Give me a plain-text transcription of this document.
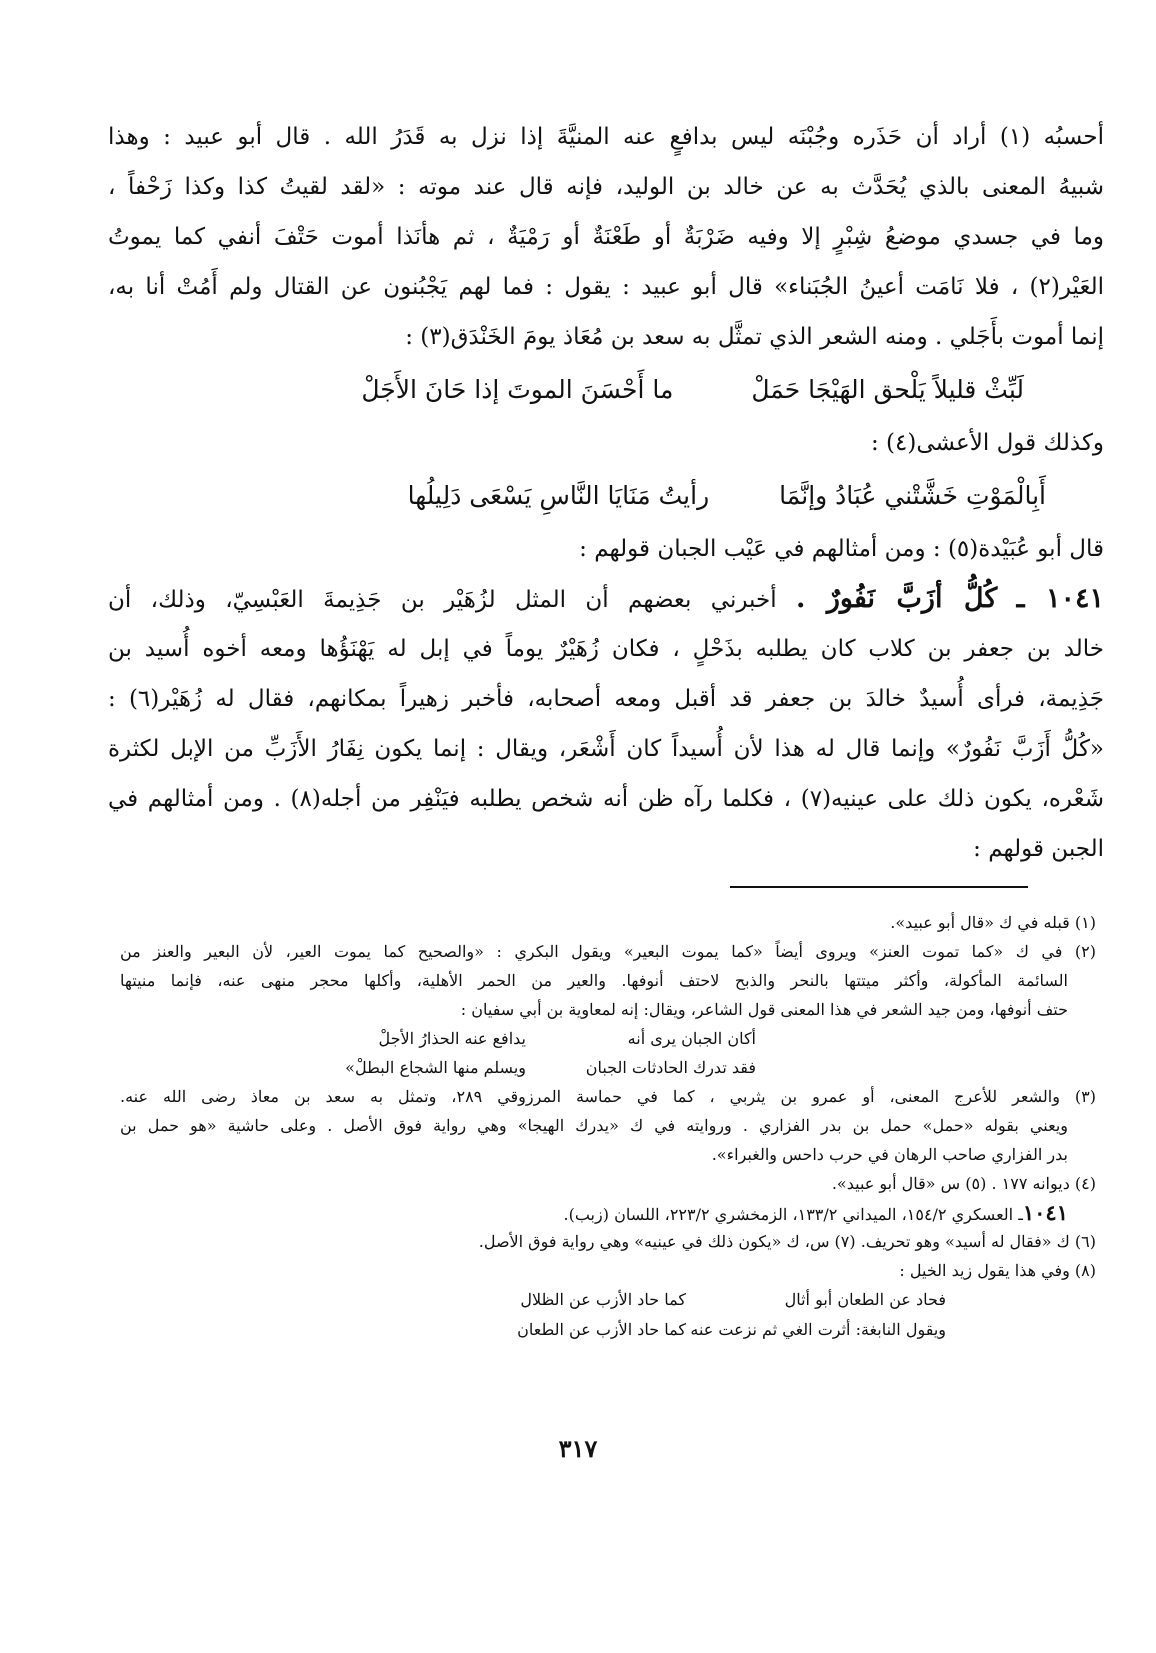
أحسبُه (١) أراد أن حَذَره وجُبْنَه ليس بدافعٍ عنه المنيَّةَ إذا نزل به قَدَرُ الله . قال أبو عبيد : وهذا

شبيهُ المعنى بالذي يُحَدَّث به عن خالد بن الوليد، فإنه قال عند موته : «لقد لقيتُ كذا وكذا زَحْفاً ،

وما في جسدي موضعُ شِبْرٍ إلا وفيه ضَرْبَةٌ أو طَعْنَةٌ أو رَمْيَةٌ ، ثم هأنَذا أموت حَتْفَ أنفي كما يموتُ

العَيْر(٢) ، فلا نَامَت أعينُ الجُبَناء» قال أبو عبيد : يقول : فما لهم يَجْبُنون عن القتال ولم أَمُتْ أنا به،

إنما أموت بأَجَلي . ومنه الشعر الذي تمثَّل به سعد بن مُعَاذ يومَ الخَنْدَق(٣) :

لَبِّثْ قليلاً يَلْحق الهَيْجَا حَمَلْ
ما أَحْسَنَ الموتَ إذا حَانَ الأَجَلْ

وكذلك قول الأعشى(٤) :

أَبِالْمَوْتِ خَشَّتْني عُبَادُ وإنَّمَا
رأيتُ مَنَايَا النَّاسِ يَسْعَى دَلِيلُها

قال أبو عُبَيْدة(٥) : ومن أمثالهم في عَيْب الجبان قولهم :

١٠٤١ ـ كُلُّ أزَبَّ نَفُورٌ . أخبرني بعضهم أن المثل لزُهَيْر بن جَذِيمةَ العَبْسِيّ، وذلك، أن

خالد بن جعفر بن كلاب كان يطلبه بذَحْلٍ ، فكان زُهَيْرٌ يوماً في إبل له يَهْنَؤُها ومعه أخوه أُسيد بن

جَذِيمة، فرأى أُسيدٌ خالدَ بن جعفر قد أقبل ومعه أصحابه، فأخبر زهيراً بمكانهم، فقال له زُهَيْر(٦) :

«كُلُّ أَزَبَّ نَفُورٌ» وإنما قال له هذا لأن أُسيداً كان أَشْعَر، ويقال : إنما يكون نِفَارُ الأَزَبِّ من الإبل لكثرة

شَعْره، يكون ذلك على عينيه(٧) ، فكلما رآه ظن أنه شخص يطلبه فيَنْفِر من أجله(٨) . ومن أمثالهم في

الجبن قولهم :

(١) قبله في ك «قال أبو عبيد».

(٢) في ك «كما تموت العنز» ويروى أيضاً «كما يموت البعير» ويقول البكري : «والصحيح كما يموت العير، لأن البعير والعنز من

السائمة المأكولة، وأكثر ميتتها بالنحر والذبح لاحتف أنوفها. والعير من الحمر الأهلية، وأكلها محجر منهى عنه، فإنما منيتها

حتف أنوفها، ومن جيد الشعر في هذا المعنى قول الشاعر، ويقال: إنه لمعاوية بن أبي سفيان :

أكان الجبان يرى أنه
يدافع عنه الحذارُ الأجلْ
فقد تدرك الحادثات الجبان
ويسلم منها الشجاع البطلْ»

(٣) والشعر للأعرج المعنى، أو عمرو بن يثربي ، كما في حماسة المرزوقي ٢٨٩، وتمثل به سعد بن معاذ رضى الله عنه.

ويعني بقوله «حمل» حمل بن بدر الفزاري . وروايته في ك «يدرك الهيجا» وهي رواية فوق الأصل . وعلى حاشية «هو حمل بن

بدر الفزاري صاحب الرهان في حرب داحس والغبراء».

(٤) ديوانه ١٧٧ . (٥) س «قال أبو عبيد».

١٠٤١ـ العسكري ١٥٤/٢، الميداني ١٣٣/٢، الزمخشري ٢٢٣/٢، اللسان (زبب).

(٦) ك «فقال له أسيد» وهو تحريف. (٧) س، ك «يكون ذلك في عينيه» وهي رواية فوق الأصل.

(٨) وفي هذا يقول زيد الخيل :

فحاد عن الطعان أبو أثال
كما حاد الأزب عن الظلال
ويقول النابغة: أثرت الغي ثم نزعت عنه
كما حاد الأزب عن الطعان
٣١٧
